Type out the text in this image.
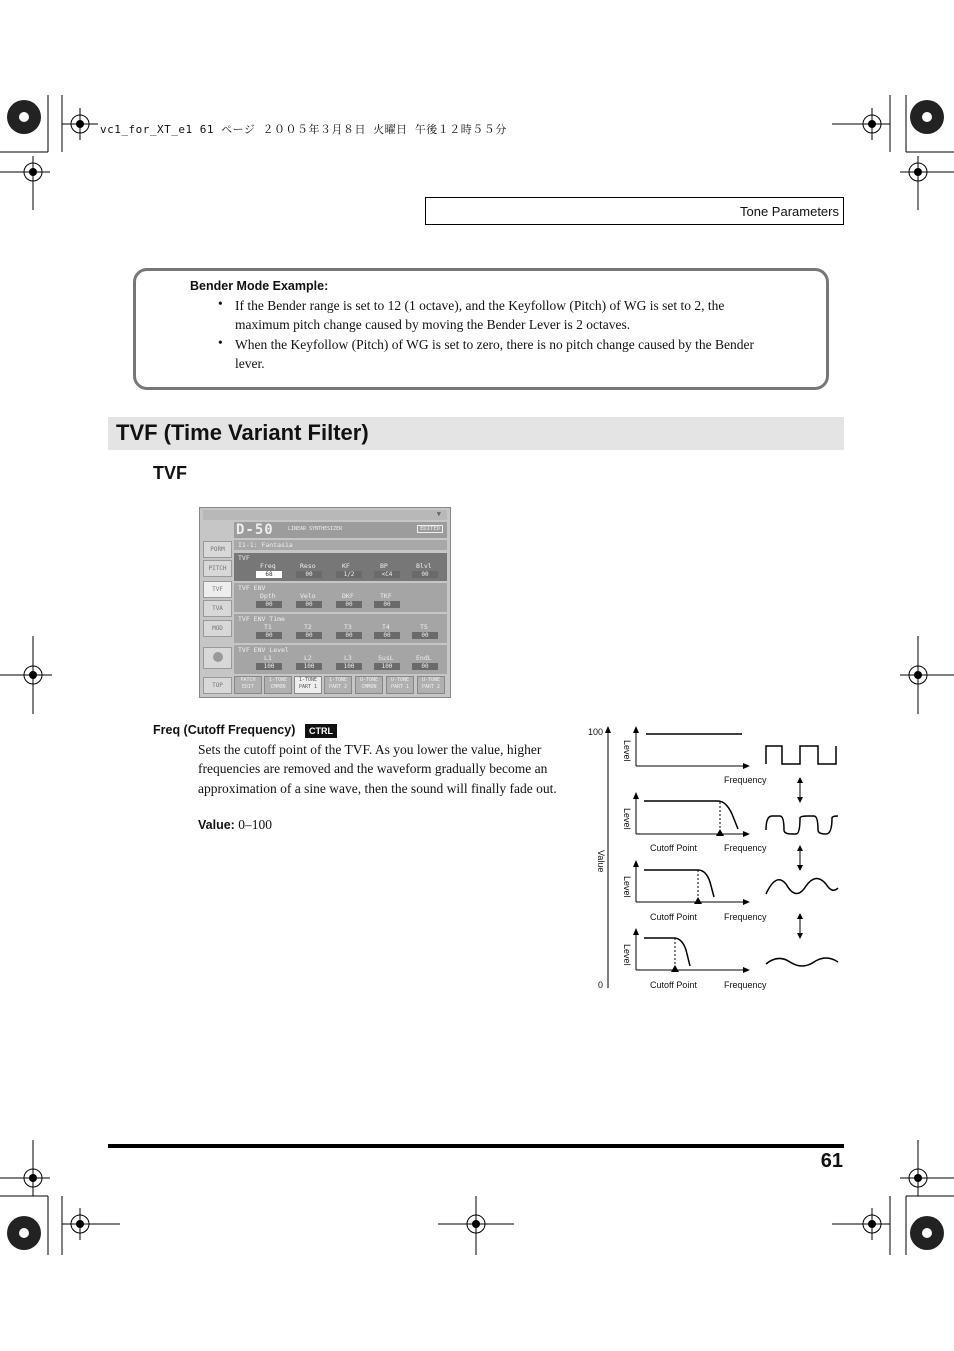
vc1_for_XT_e1 61 ページ ２００５年３月８日 火曜日 午後１２時５５分
Tone Parameters
Bender Mode Example:
• If the Bender range is set to 12 (1 octave), and the Keyfollow (Pitch) of WG is set to 2, the maximum pitch change caused by moving the Bender Lever is 2 octaves.
• When the Keyfollow (Pitch) of WG is set to zero, there is no pitch change caused by the Bender lever.
TVF (Time Variant Filter)
TVF
▼
D-50	LINEAR SYNTHESIZER	EDITED
I1-1: Fantasia
PORM
PITCH
TVF
TVA
MOD
TOP
TVF
Freq	Reso	KF	BP	Blvl
68	00	1/2	<C4	00
TVF ENV
Dpth	Velo	DKF	TKF
00	00	00	00
TVF ENV Time
T1	T2	T3	T4	T5
00	00	00	00	00
TVF ENV Level
L1	L2	L3	SusL	EndL
100	100	100	100	00
PATCH EDIT
1-TONE CMMON
1-TONE PART 1
1-TONE PART 2
U-TONE CMMON
U-TONE PART 1
U-TONE PART 2
Freq (Cutoff Frequency)	CTRL
Sets the cutoff point of the TVF. As you lower the value, higher frequencies are removed and the waveform gradually become an approximation of a sine wave, then the sound will finally fade out.
Value: 0–100
100
0
Value
Level
Level
Level
Level
Frequency
Cutoff Point	Frequency
Cutoff Point	Frequency
Cutoff Point	Frequency
61
